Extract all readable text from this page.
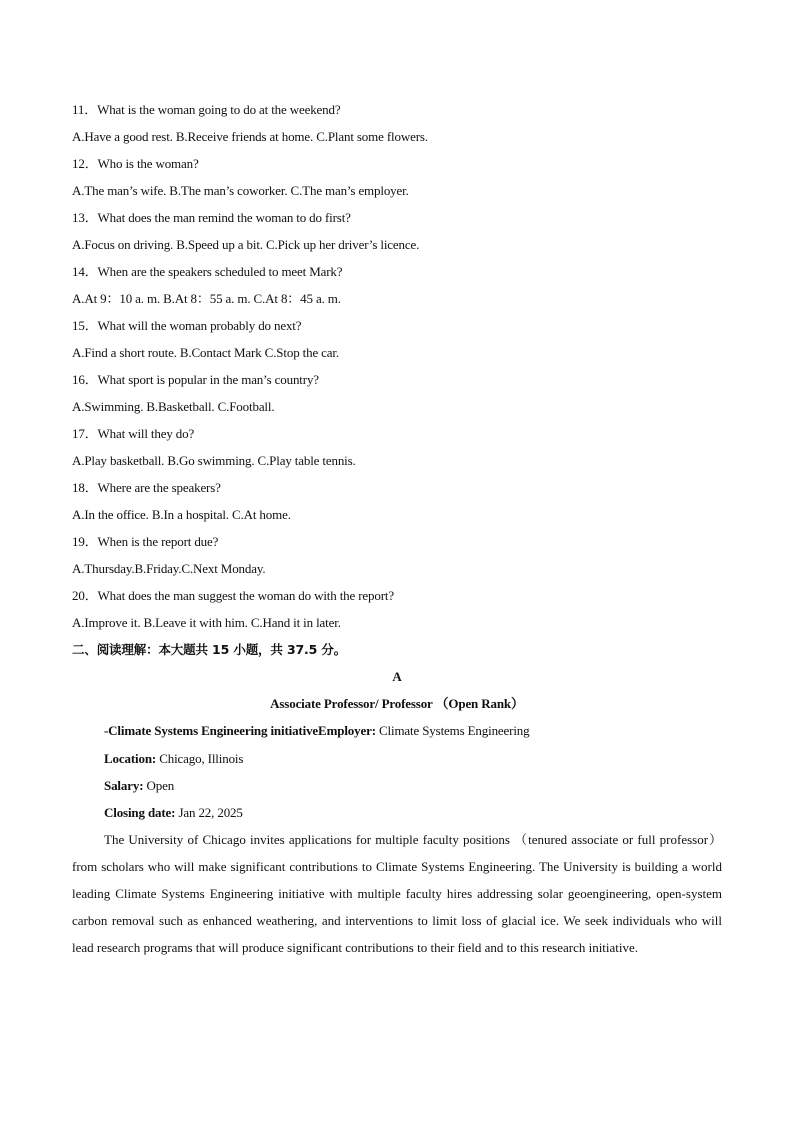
11．What is the woman going to do at the weekend?
A.Have a good rest. B.Receive friends at home. C.Plant some flowers.
12．Who is the woman?
A.The man’s wife. B.The man’s coworker. C.The man’s employer.
13．What does the man remind the woman to do first?
A.Focus on driving. B.Speed up a bit. C.Pick up her driver’s licence.
14．When are the speakers scheduled to meet Mark?
A.At 9：10 a. m. B.At 8：55 a. m. C.At 8：45 a. m.
15．What will the woman probably do next?
A.Find a short route. B.Contact Mark C.Stop the car.
16．What sport is popular in the man’s country?
A.Swimming. B.Basketball. C.Football.
17．What will they do?
A.Play basketball. B.Go swimming. C.Play table tennis.
18．Where are the speakers?
A.In the office. B.In a hospital. C.At home.
19．When is the report due?
A.Thursday.B.Friday.C.Next Monday.
20．What does the man suggest the woman do with the report?
A.Improve it. B.Leave it with him. C.Hand it in later.
二、阅读理解：本大题共 15 小题，共 37.5 分。
A
Associate Professor/ Professor （Open Rank）
-Climate Systems Engineering initiativeEmployer: Climate Systems Engineering
Location: Chicago, Illinois
Salary: Open
Closing date: Jan 22, 2025
The University of Chicago invites applications for multiple faculty positions （tenured associate or full professor） from scholars who will make significant contributions to Climate Systems Engineering. The University is building a world leading Climate Systems Engineering initiative with multiple faculty hires addressing solar geoengineering, open-system carbon removal such as enhanced weathering, and interventions to limit loss of glacial ice. We seek individuals who will lead research programs that will produce significant contributions to their field and to this research initiative.
